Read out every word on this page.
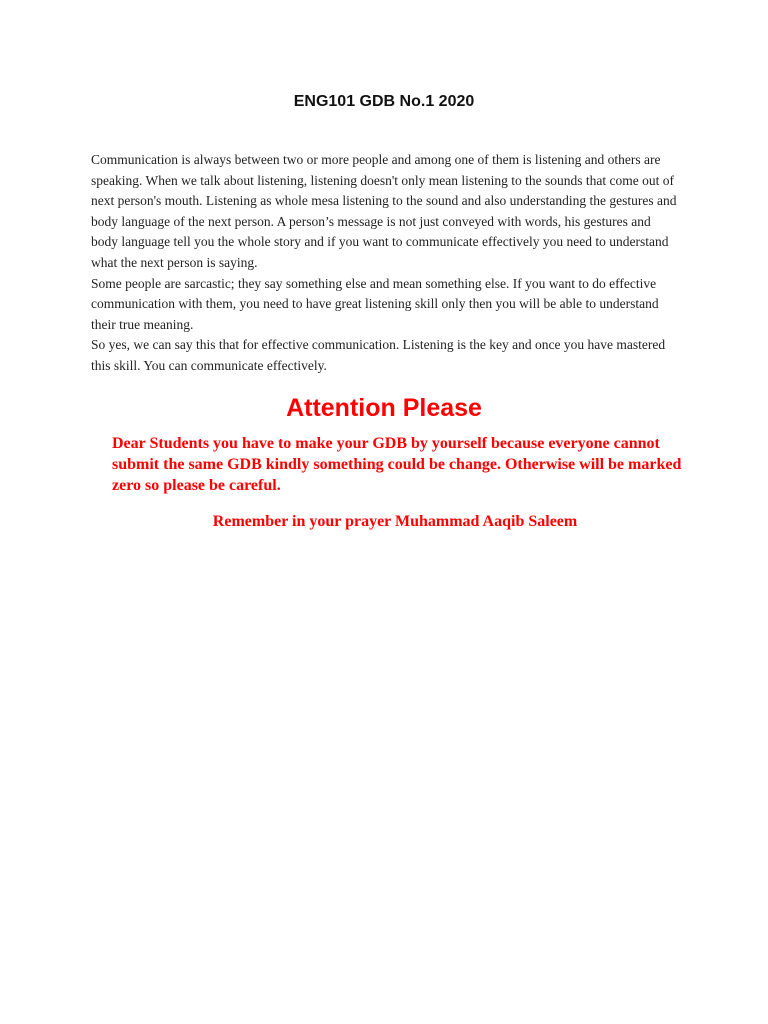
ENG101 GDB No.1 2020

Communication is always between two or more people and among one of them is listening and others are speaking. When we talk about listening, listening doesn't only mean listening to the sounds that come out of next person's mouth. Listening as whole mesa listening to the sound and also understanding the gestures and body language of the next person. A person’s message is not just conveyed with words, his gestures and body language tell you the whole story and if you want to communicate effectively you need to understand what the next person is saying.

Some people are sarcastic; they say something else and mean something else. If you want to do effective communication with them, you need to have great listening skill only then you will be able to understand their true meaning.

So yes, we can say this that for effective communication. Listening is the key and once you have mastered this skill. You can communicate effectively.

Attention Please

Dear Students you have to make your GDB by yourself because everyone cannot submit the same GDB kindly something could be change. Otherwise will be marked zero so please be careful.

Remember in your prayer Muhammad Aaqib Saleem
